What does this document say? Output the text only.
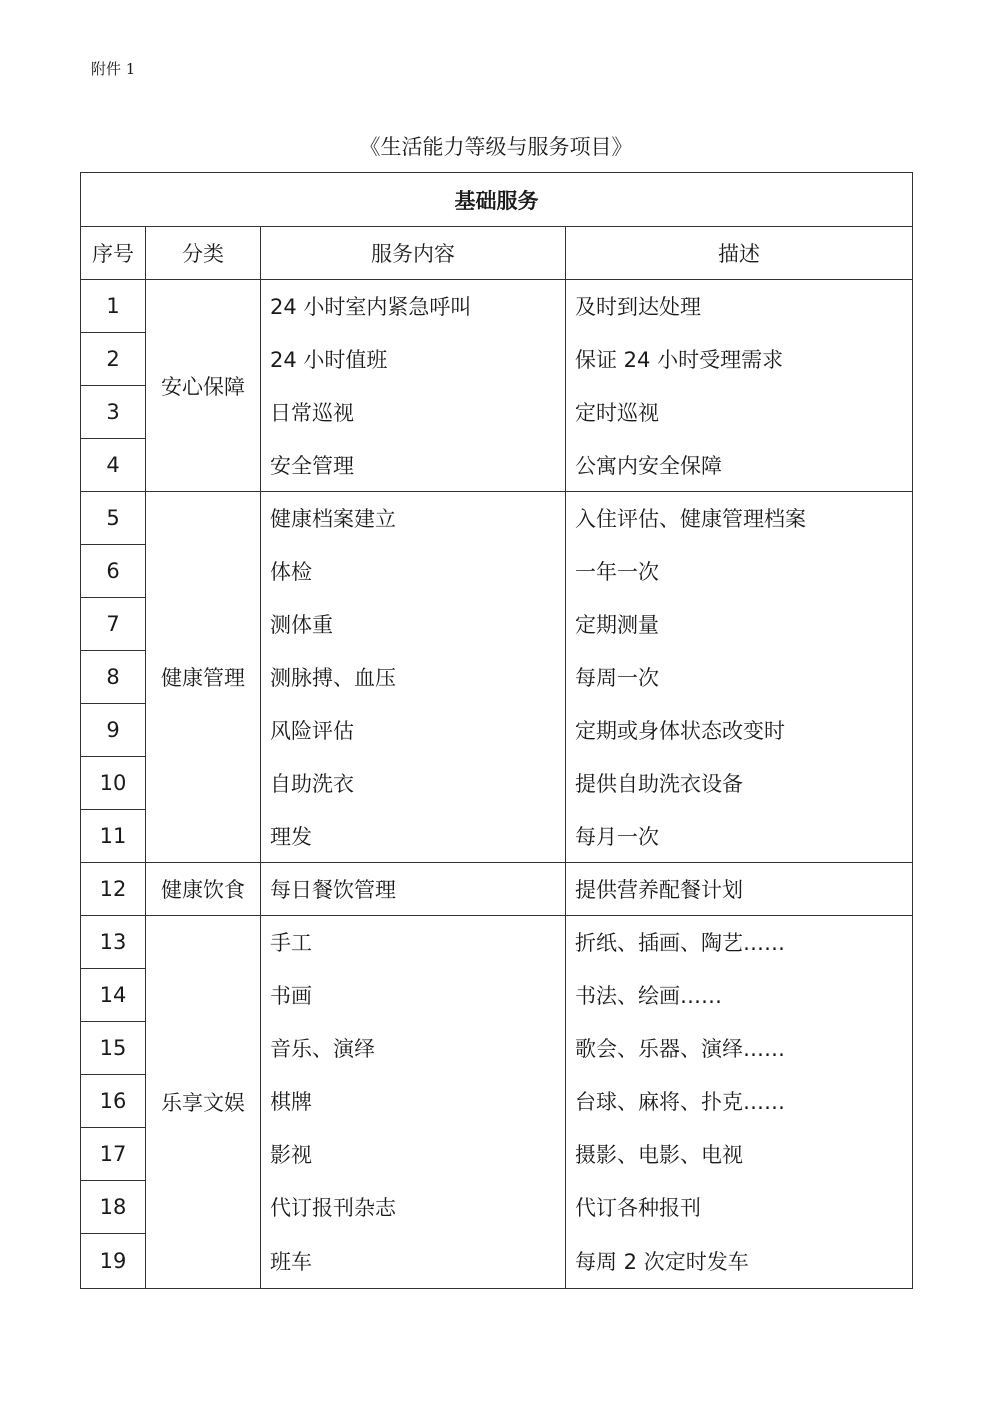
附件 1
《生活能力等级与服务项目》
基础服务			
序号	分类	服务内容	描述
1	安心保障	24 小时室内紧急呼叫	及时到达处理
2		24 小时值班	保证 24 小时受理需求
3		日常巡视	定时巡视
4		安全管理	公寓内安全保障
5	健康管理	健康档案建立	入住评估、健康管理档案
6		体检	一年一次
7		测体重	定期测量
8		测脉搏、血压	每周一次
9		风险评估	定期或身体状态改变时
10		自助洗衣	提供自助洗衣设备
11		理发	每月一次
12	健康饮食	每日餐饮管理	提供营养配餐计划
13	乐享文娱	手工	折纸、插画、陶艺……
14		书画	书法、绘画……
15		音乐、演绎	歌会、乐器、演绎……
16		棋牌	台球、麻将、扑克……
17		影视	摄影、电影、电视
18		代订报刊杂志	代订各种报刊
19		班车	每周 2 次定时发车
